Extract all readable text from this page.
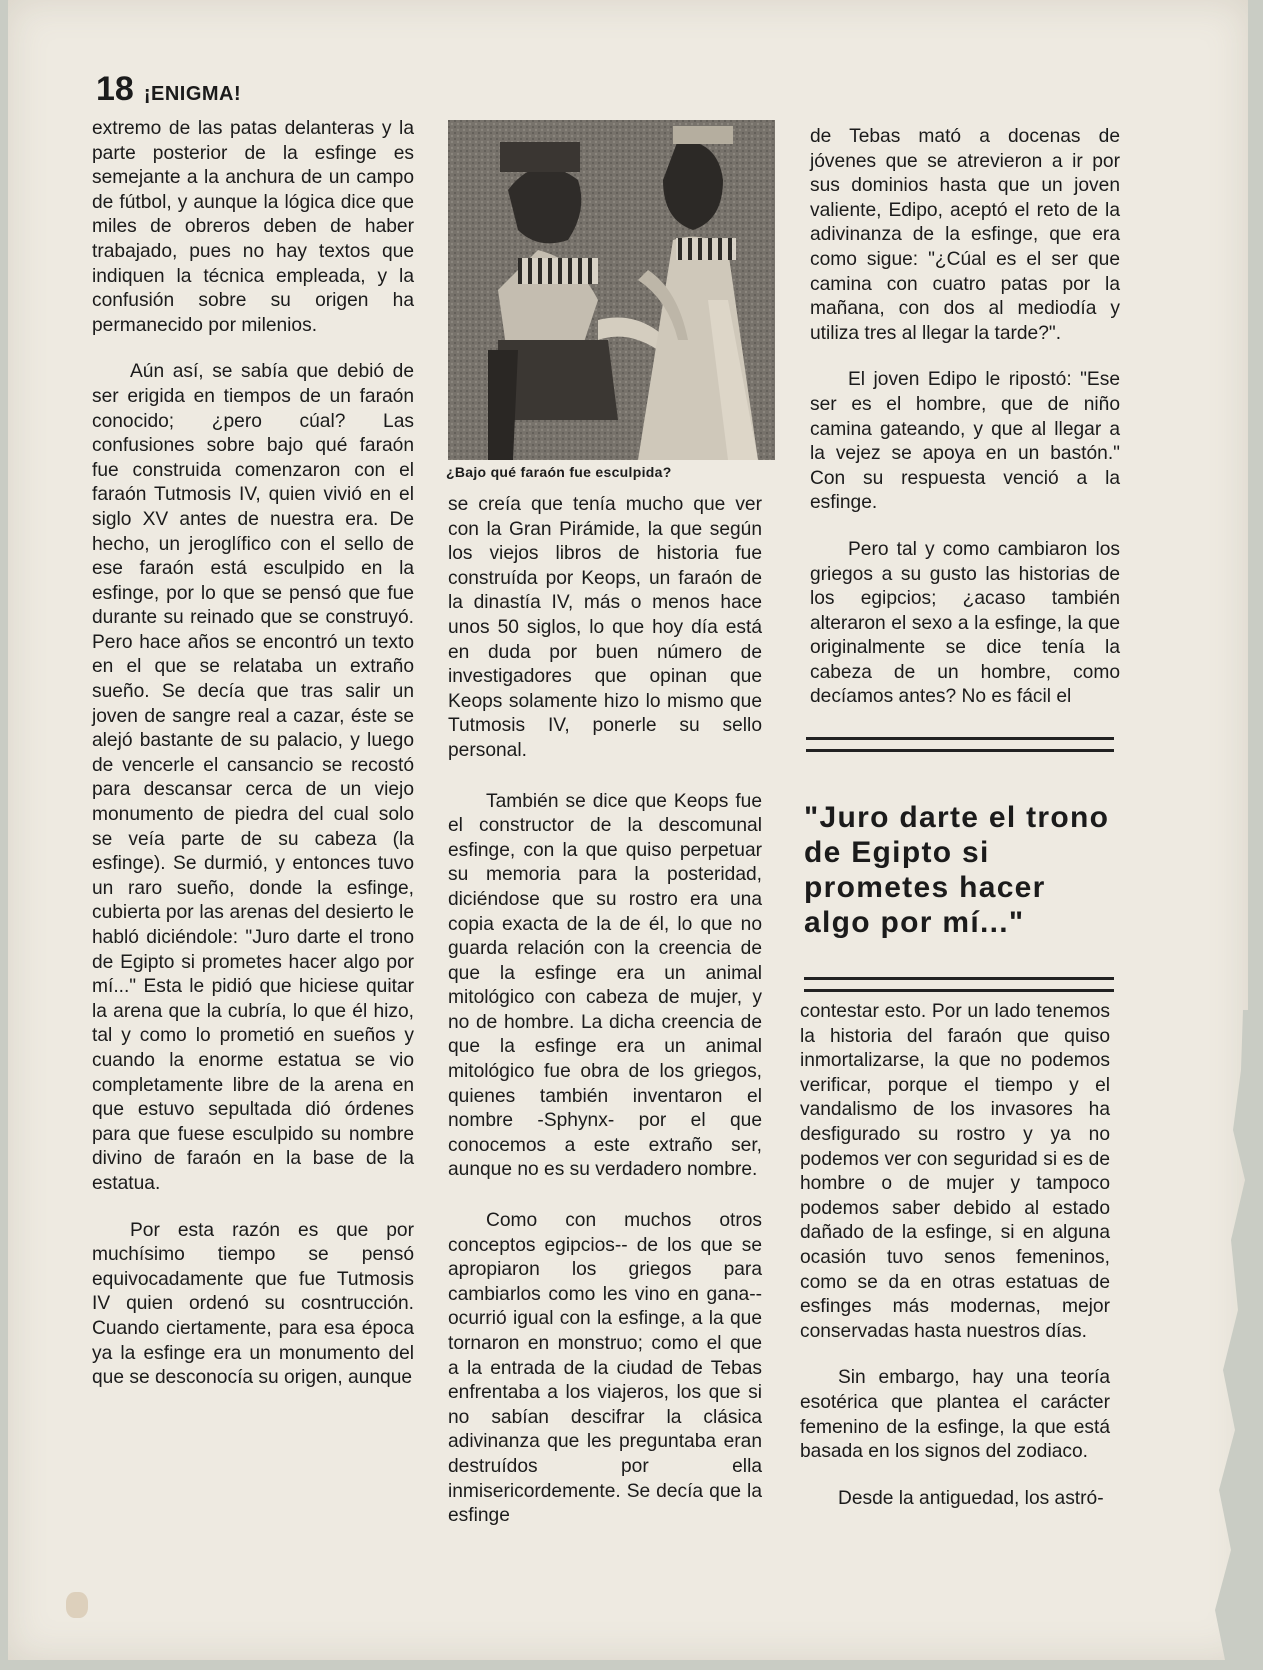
18 ¡ENIGMA!

extremo de las patas delanteras y la parte posterior de la esfinge es semejante a la anchura de un campo de fútbol, y aunque la lógica dice que miles de obreros deben de haber trabajado, pues no hay textos que indiquen la técnica empleada, y la confusión sobre su origen ha permanecido por milenios.

Aún así, se sabía que debió de ser erigida en tiempos de un faraón conocido; ¿pero cúal? Las confusiones sobre bajo qué faraón fue construida comenzaron con el faraón Tutmosis IV, quien vivió en el siglo XV antes de nuestra era. De hecho, un jeroglífico con el sello de ese faraón está esculpido en la esfinge, por lo que se pensó que fue durante su reinado que se construyó. Pero hace años se encontró un texto en el que se relataba un extraño sueño. Se decía que tras salir un joven de sangre real a cazar, éste se alejó bastante de su palacio, y luego de vencerle el cansancio se recostó para descansar cerca de un viejo monumento de piedra del cual solo se veía parte de su cabeza (la esfinge). Se durmió, y entonces tuvo un raro sueño, donde la esfinge, cubierta por las arenas del desierto le habló diciéndole: "Juro darte el trono de Egipto si prometes hacer algo por mí..." Esta le pidió que hiciese quitar la arena que la cubría, lo que él hizo, tal y como lo prometió en sueños y cuando la enorme estatua se vio completamente libre de la arena en que estuvo sepultada dió órdenes para que fuese esculpido su nombre divino de faraón en la base de la estatua.

Por esta razón es que por muchísimo tiempo se pensó equivocadamente que fue Tutmosis IV quien ordenó su cosntrucción. Cuando ciertamente, para esa época ya la esfinge era un monumento del que se desconocía su origen, aunque

¿Bajo qué faraón fue esculpida?

se creía que tenía mucho que ver con la Gran Pirámide, la que según los viejos libros de historia fue construída por Keops, un faraón de la dinastía IV, más o menos hace unos 50 siglos, lo que hoy día está en duda por buen número de investigadores que opinan que Keops solamente hizo lo mismo que Tutmosis IV, ponerle su sello personal.

También se dice que Keops fue el constructor de la descomunal esfinge, con la que quiso perpetuar su memoria para la posteridad, diciéndose que su rostro era una copia exacta de la de él, lo que no guarda relación con la creencia de que la esfinge era un animal mitológico con cabeza de mujer, y no de hombre. La dicha creencia de que la esfinge era un animal mitológico fue obra de los griegos, quienes también inventaron el nombre -Sphynx- por el que conocemos a este extraño ser, aunque no es su verdadero nombre.

Como con muchos otros conceptos egipcios-- de los que se apropiaron los griegos para cambiarlos como les vino en gana-- ocurrió igual con la esfinge, a la que tornaron en monstruo; como el que a la entrada de la ciudad de Tebas enfrentaba a los viajeros, los que si no sabían descifrar la clásica adivinanza que les preguntaba eran destruídos por ella inmisericordemente. Se decía que la esfinge

de Tebas mató a docenas de jóvenes que se atrevieron a ir por sus dominios hasta que un joven valiente, Edipo, aceptó el reto de la adivinanza de la esfinge, que era como sigue: "¿Cúal es el ser que camina con cuatro patas por la mañana, con dos al mediodía y utiliza tres al llegar la tarde?".

El joven Edipo le ripostó: "Ese ser es el hombre, que de niño camina gateando, y que al llegar a la vejez se apoya en un bastón." Con su respuesta venció a la esfinge.

Pero tal y como cambiaron los griegos a su gusto las historias de los egipcios; ¿acaso también alteraron el sexo a la esfinge, la que originalmente se dice tenía la cabeza de un hombre, como decíamos antes? No es fácil el

"Juro darte el trono de Egipto si prometes hacer algo por mí..."

contestar esto. Por un lado tenemos la historia del faraón que quiso inmortalizarse, la que no podemos verificar, porque el tiempo y el vandalismo de los invasores ha desfigurado su rostro y ya no podemos ver con seguridad si es de hombre o de mujer y tampoco podemos saber debido al estado dañado de la esfinge, si en alguna ocasión tuvo senos femeninos, como se da en otras estatuas de esfinges más modernas, mejor conservadas hasta nuestros días.

Sin embargo, hay una teoría esotérica que plantea el carácter femenino de la esfinge, la que está basada en los signos del zodiaco.

Desde la antiguedad, los astró-
